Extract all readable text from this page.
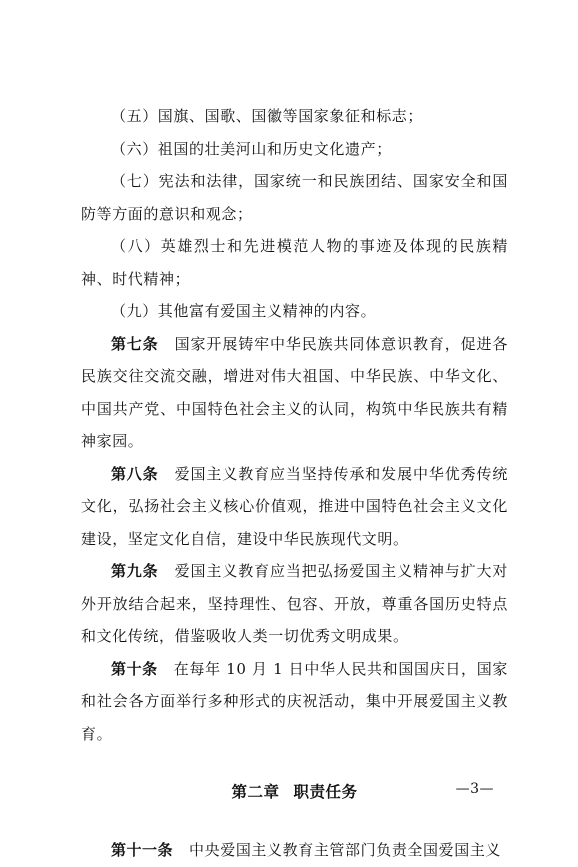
（五）国旗、国歌、国徽等国家象征和标志；

（六）祖国的壮美河山和历史文化遗产；

（七）宪法和法律，国家统一和民族团结、国家安全和国防等方面的意识和观念；

（八）英雄烈士和先进模范人物的事迹及体现的民族精神、时代精神；

（九）其他富有爱国主义精神的内容。

第七条 国家开展铸牢中华民族共同体意识教育，促进各民族交往交流交融，增进对伟大祖国、中华民族、中华文化、中国共产党、中国特色社会主义的认同，构筑中华民族共有精神家园。

第八条 爱国主义教育应当坚持传承和发展中华优秀传统文化，弘扬社会主义核心价值观，推进中国特色社会主义文化建设，坚定文化自信，建设中华民族现代文明。

第九条 爱国主义教育应当把弘扬爱国主义精神与扩大对外开放结合起来，坚持理性、包容、开放，尊重各国历史特点和文化传统，借鉴吸收人类一切优秀文明成果。

第十条 在每年 10 月 1 日中华人民共和国国庆日，国家和社会各方面举行多种形式的庆祝活动，集中开展爱国主义教育。

第二章 职责任务

第十一条 中央爱国主义教育主管部门负责全国爱国主义

—3—
